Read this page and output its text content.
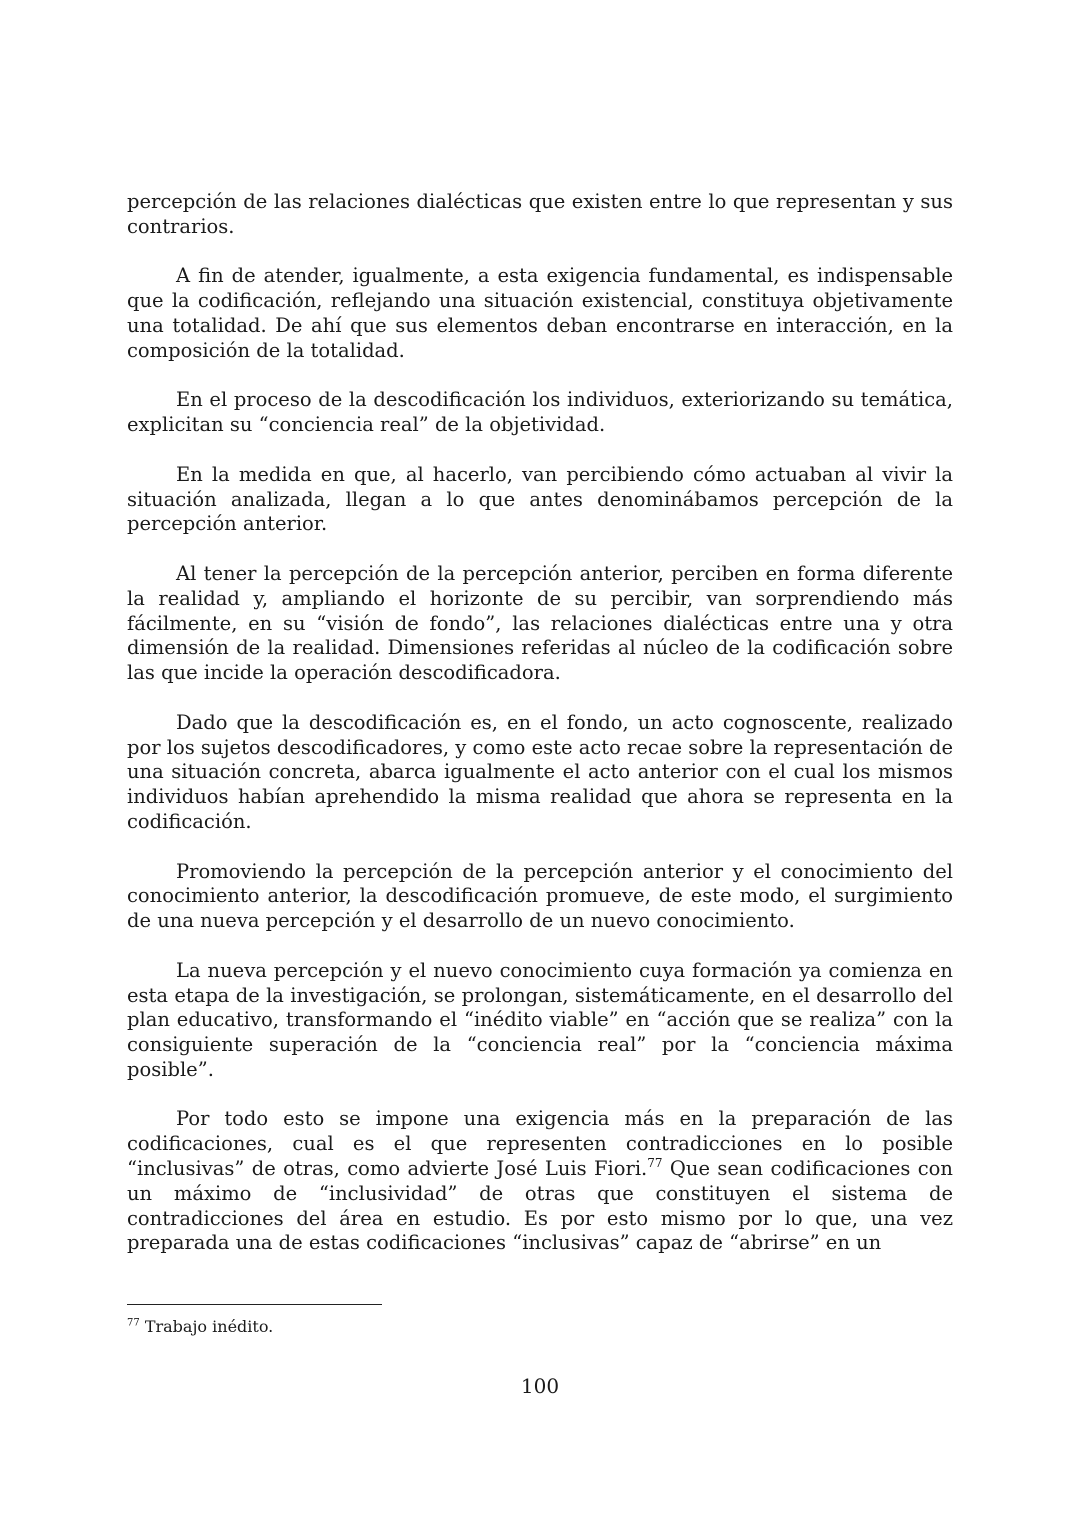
percepción de las relaciones dialécticas que existen entre lo que representan y sus contrarios.

A fin de atender, igualmente, a esta exigencia fundamental, es indispensable que la codificación, reflejando una situación existencial, constituya objetivamente una totalidad. De ahí que sus elementos deban encontrarse en interacción, en la composición de la totalidad.

En el proceso de la descodificación los individuos, exteriorizando su temática, explicitan su “conciencia real” de la objetividad.

En la medida en que, al hacerlo, van percibiendo cómo actuaban al vivir la situación analizada, llegan a lo que antes denominábamos percepción de la percepción anterior.

Al tener la percepción de la percepción anterior, perciben en forma diferente la realidad y, ampliando el horizonte de su percibir, van sorprendiendo más fácilmente, en su “visión de fondo”, las relaciones dialécticas entre una y otra dimensión de la realidad. Dimensiones referidas al núcleo de la codificación sobre las que incide la operación descodificadora.

Dado que la descodificación es, en el fondo, un acto cognoscente, realizado por los sujetos descodificadores, y como este acto recae sobre la representación de una situación concreta, abarca igualmente el acto anterior con el cual los mismos individuos habían aprehendido la misma realidad que ahora se representa en la codificación.

Promoviendo la percepción de la percepción anterior y el conocimiento del conocimiento anterior, la descodificación promueve, de este modo, el surgimiento de una nueva percepción y el desarrollo de un nuevo conocimiento.

La nueva percepción y el nuevo conocimiento cuya formación ya comienza en esta etapa de la investigación, se prolongan, sistemáticamente, en el desarrollo del plan educativo, transformando el “inédito viable” en “acción que se realiza” con la consiguiente superación de la “conciencia real” por la “conciencia máxima posible”.

Por todo esto se impone una exigencia más en la preparación de las codificaciones, cual es el que representen contradicciones en lo posible “inclusivas” de otras, como advierte José Luis Fiori.$^{77}$ Que sean codificaciones con un máximo de “inclusividad” de otras que constituyen el sistema de contradicciones del área en estudio. Es por esto mismo por lo que, una vez preparada una de estas codificaciones “inclusivas” capaz de “abrirse” en un

$^{77}$ Trabajo inédito.
100
